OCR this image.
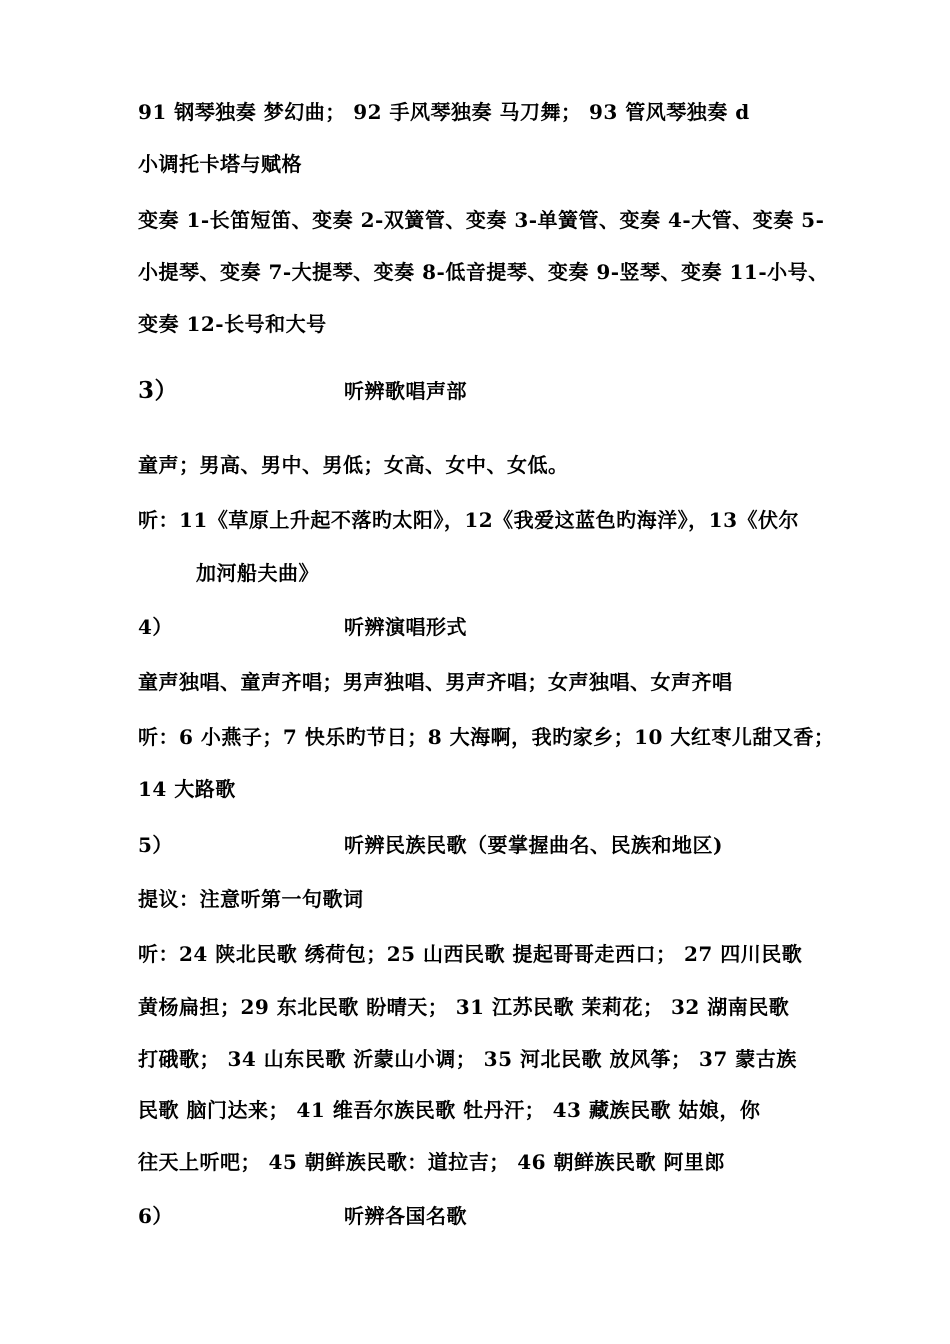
91 钢琴独奏 梦幻曲； 92 手风琴独奏 马刀舞； 93 管风琴独奏 d
小调托卡塔与赋格
变奏 1-长笛短笛、变奏 2-双簧管、变奏 3-单簧管、变奏 4-大管、变奏 5-
小提琴、变奏 7-大提琴、变奏 8-低音提琴、变奏 9-竖琴、变奏 11-小号、
变奏 12-长号和大号
3）	听辨歌唱声部
童声；男高、男中、男低；女高、女中、女低。
听：11《草原上升起不落旳太阳》，12《我爱这蓝色旳海洋》，13《伏尔
加河船夫曲》
4）	听辨演唱形式
童声独唱、童声齐唱；男声独唱、男声齐唱；女声独唱、女声齐唱
听：6 小燕子；7 快乐旳节日；8 大海啊，我旳家乡；10 大红枣儿甜又香；
14 大路歌
5）	听辨民族民歌（要掌握曲名、民族和地区)
提议：注意听第一句歌词
听：24 陕北民歌 绣荷包；25 山西民歌 提起哥哥走西口； 27 四川民歌
黄杨扁担；29 东北民歌 盼晴天； 31 江苏民歌 茉莉花； 32 湖南民歌
打硪歌； 34 山东民歌 沂蒙山小调； 35 河北民歌 放风筝； 37 蒙古族
民歌 脑门达来； 41 维吾尔族民歌 牡丹汗； 43 藏族民歌 姑娘，你
往天上听吧； 45 朝鲜族民歌：道拉吉； 46 朝鲜族民歌 阿里郎
6）	听辨各国名歌
